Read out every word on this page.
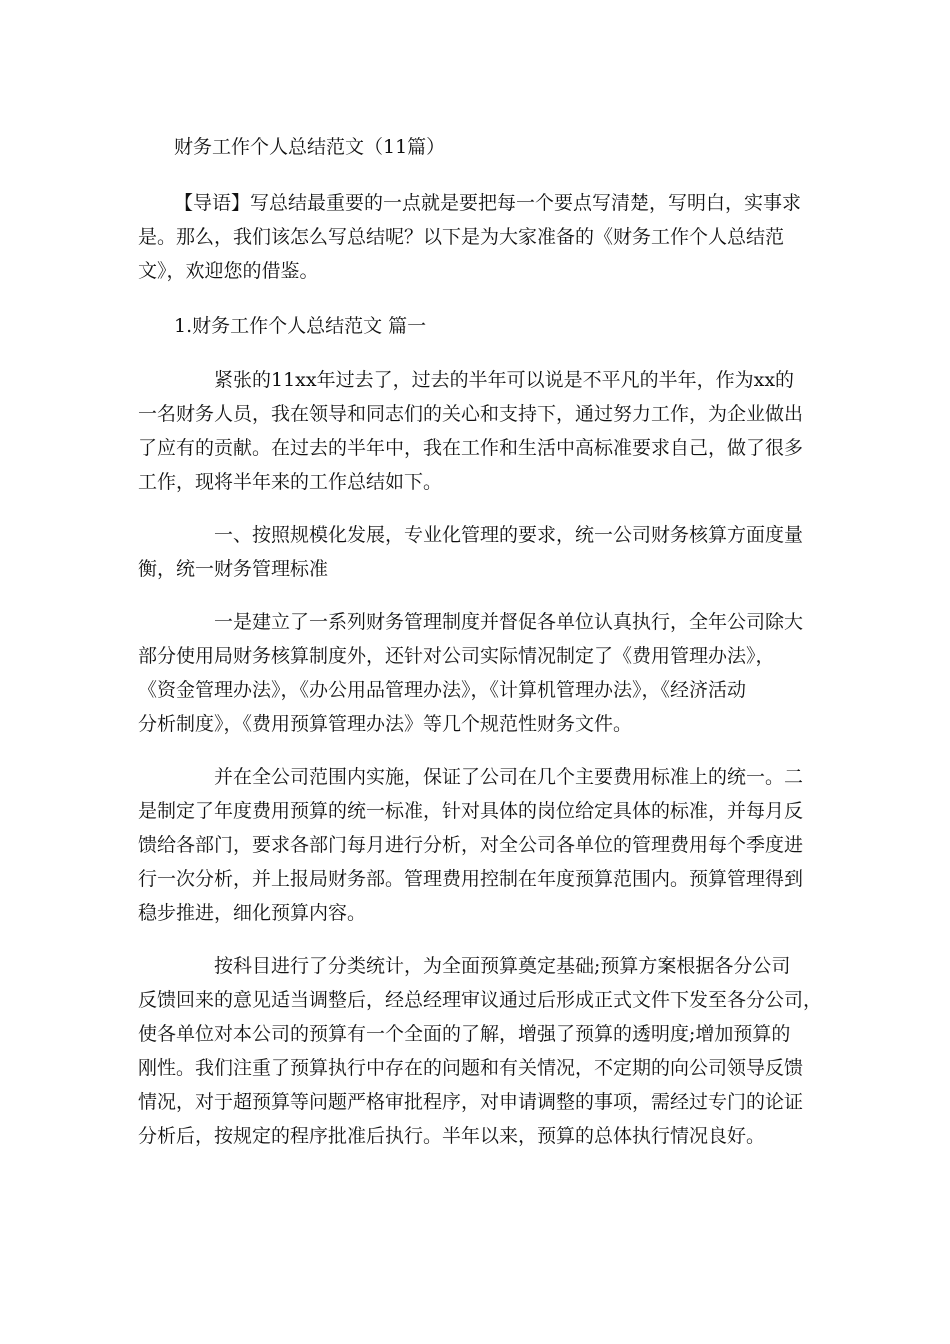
财务工作个人总结范文（11篇）

【导语】写总结最重要的一点就是要把每一个要点写清楚，写明白，实事求

是。那么，我们该怎么写总结呢？以下是为大家准备的《财务工作个人总结范

文》，欢迎您的借鉴。

1.财务工作个人总结范文 篇一

紧张的11xx年过去了，过去的半年可以说是不平凡的半年，作为xx的

一名财务人员，我在领导和同志们的关心和支持下，通过努力工作，为企业做出

了应有的贡献。在过去的半年中，我在工作和生活中高标准要求自己，做了很多

工作，现将半年来的工作总结如下。

一、按照规模化发展，专业化管理的要求，统一公司财务核算方面度量

衡，统一财务管理标准

一是建立了一系列财务管理制度并督促各单位认真执行，全年公司除大

部分使用局财务核算制度外，还针对公司实际情况制定了《费用管理办法》，

《资金管理办法》，《办公用品管理办法》，《计算机管理办法》，《经济活动

分析制度》，《费用预算管理办法》等几个规范性财务文件。

并在全公司范围内实施，保证了公司在几个主要费用标准上的统一。二

是制定了年度费用预算的统一标准，针对具体的岗位给定具体的标准，并每月反

馈给各部门，要求各部门每月进行分析，对全公司各单位的管理费用每个季度进

行一次分析，并上报局财务部。管理费用控制在年度预算范围内。预算管理得到

稳步推进，细化预算内容。

按科目进行了分类统计，为全面预算奠定基础;预算方案根据各分公司

反馈回来的意见适当调整后，经总经理审议通过后形成正式文件下发至各分公司，

使各单位对本公司的预算有一个全面的了解，增强了预算的透明度;增加预算的

刚性。我们注重了预算执行中存在的问题和有关情况，不定期的向公司领导反馈

情况，对于超预算等问题严格审批程序，对申请调整的事项，需经过专门的论证

分析后，按规定的程序批准后执行。半年以来，预算的总体执行情况良好。
